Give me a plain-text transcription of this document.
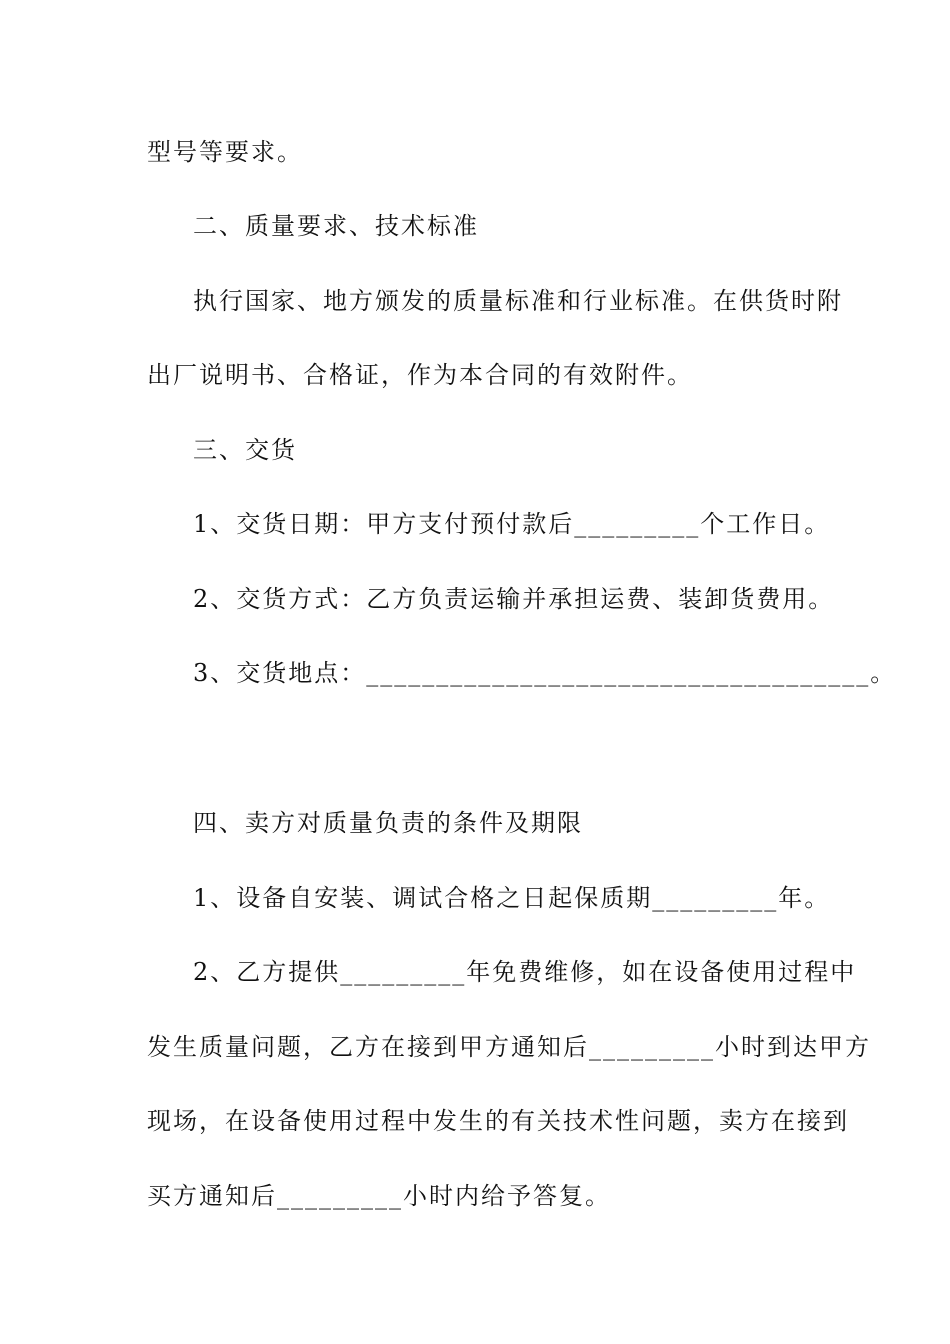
型号等要求。
二、质量要求、技术标准
执行国家、地方颁发的质量标准和行业标准。在供货时附
出厂说明书、合格证，作为本合同的有效附件。
三、交货
1、交货日期：甲方支付预付款后_________个工作日。
2、交货方式：乙方负责运输并承担运费、装卸货费用。
3、交货地点：____________________________________。
四、卖方对质量负责的条件及期限
1、设备自安装、调试合格之日起保质期_________年。
2、乙方提供_________年免费维修，如在设备使用过程中
发生质量问题，乙方在接到甲方通知后_________小时到达甲方
现场，在设备使用过程中发生的有关技术性问题，卖方在接到
买方通知后_________小时内给予答复。
